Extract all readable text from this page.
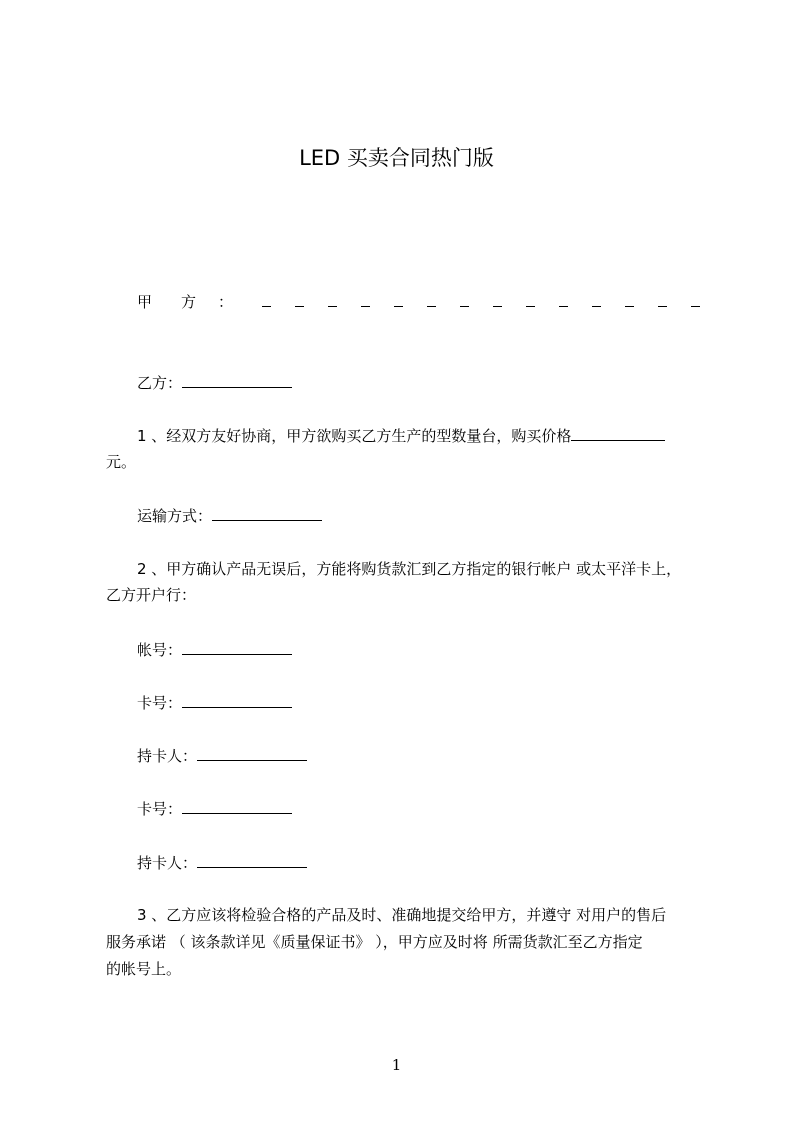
LED 买卖合同热门版
甲 方 ：
乙方：
1 、经双方友好协商，甲方欲购买乙方生产的型数量台，购买价格
元。
运输方式：
2 、甲方确认产品无误后，方能将购货款汇到乙方指定的银行帐户 或太平洋卡上，
乙方开户行：
帐号：
卡号：
持卡人：
卡号：
持卡人：
3 、乙方应该将检验合格的产品及时、准确地提交给甲方，并遵守 对用户的售后
服务承诺 （ 该条款详见《质量保证书》 ），甲方应及时将 所需货款汇至乙方指定
的帐号上。
1
